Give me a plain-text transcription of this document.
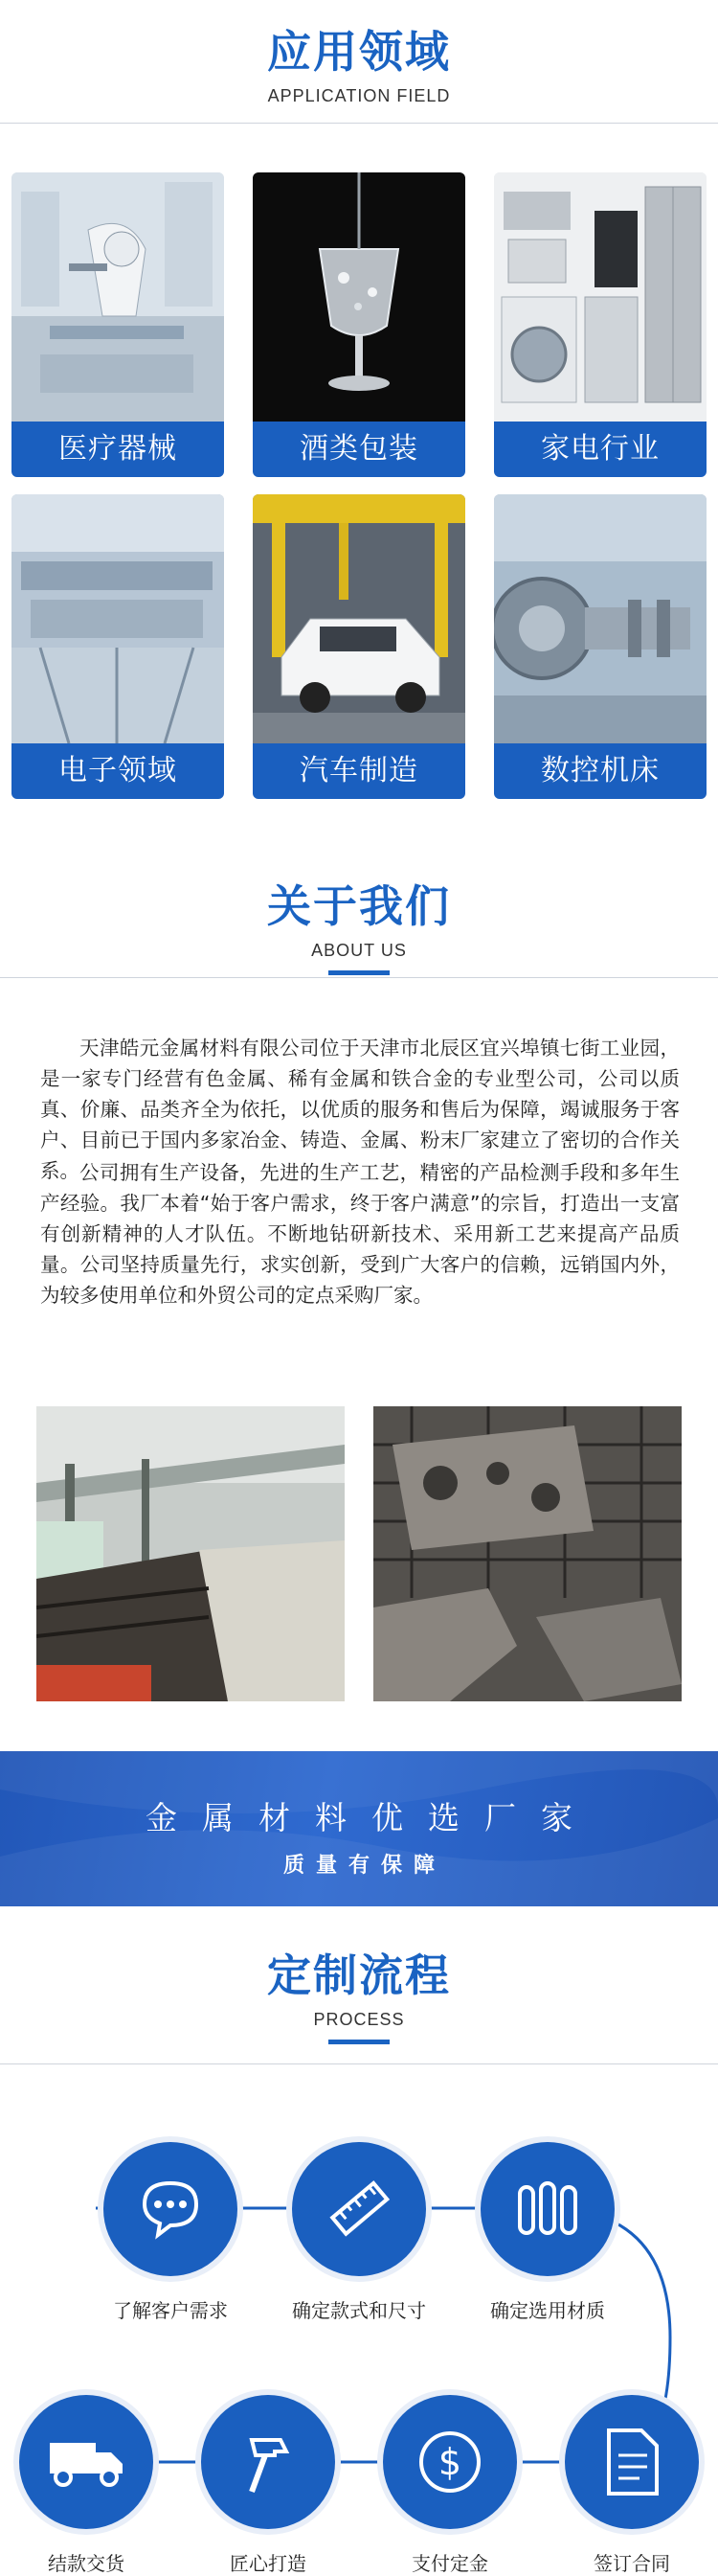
应用领域
APPLICATION FIELD
医疗器械	酒类包装	家电行业
电子领域	汽车制造	数控机床
关于我们
ABOUT US

天津皓元金属材料有限公司位于天津市北辰区宜兴埠镇七街工业园，是一家专门经营有色金属、稀有金属和铁合金的专业型公司，公司以质真、价廉、品类齐全为依托，以优质的服务和售后为保障，竭诚服务于客户、目前已于国内多家冶金、铸造、金属、粉末厂家建立了密切的合作关系。 公司拥有生产设备，先进的生产工艺，精密的产品检测手段和多年生产经验。我厂本着“始于客户需求，终于客户满意”的宗旨，打造出一支富有创新精神的人才队伍。不断地钻研新技术、采用新工艺来提高产品质量。公司坚持质量先行，求实创新，受到广大客户的信赖，远销国内外，为较多使用单位和外贸公司的定点采购厂家。

金属材料优选厂家
质量有保障
定制流程
PROCESS
了解客户需求	确定款式和尺寸	确定选用材质
签订合同
$
支付定金
匠心打造
结款交货
